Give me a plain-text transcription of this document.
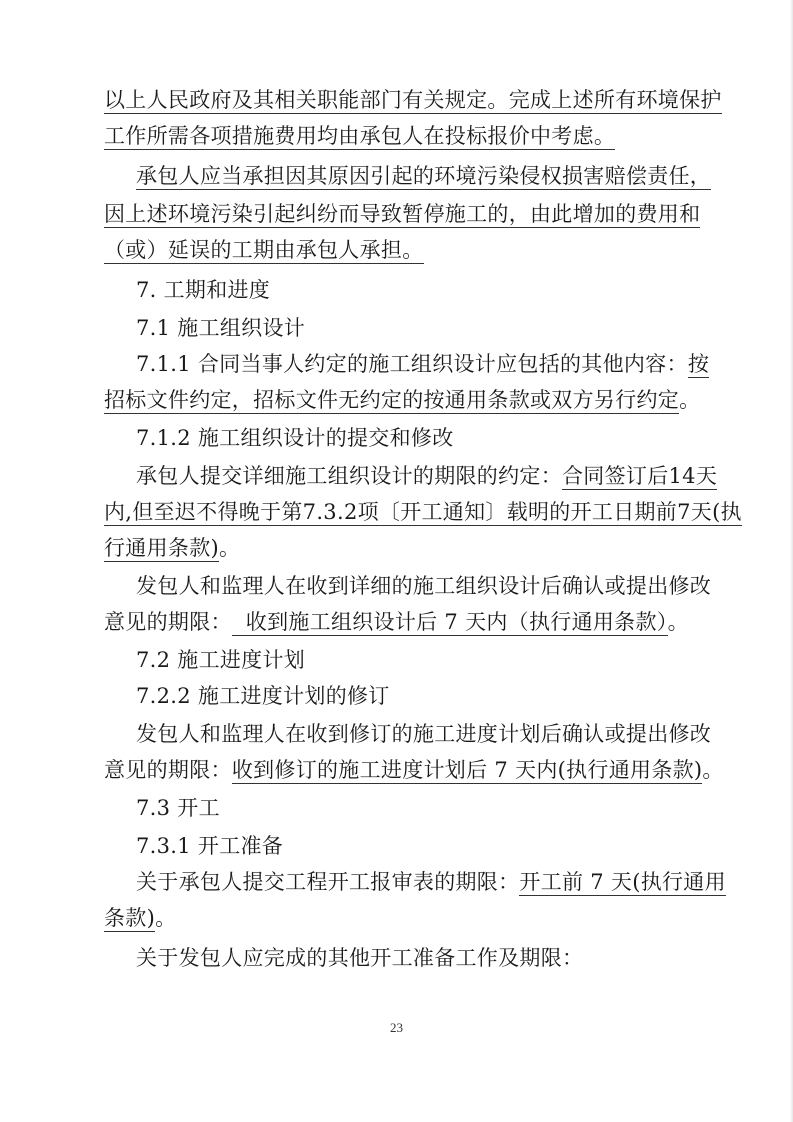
以上人民政府及其相关职能部门有关规定。完成上述所有环境保护
工作所需各项措施费用均由承包人在投标报价中考虑。
承包人应当承担因其原因引起的环境污染侵权损害赔偿责任，
因上述环境污染引起纠纷而导致暂停施工的，由此增加的费用和
（或）延误的工期由承包人承担。
7. 工期和进度
7.1 施工组织设计
7.1.1 合同当事人约定的施工组织设计应包括的其他内容：按
招标文件约定，招标文件无约定的按通用条款或双方另行约定。
7.1.2 施工组织设计的提交和修改
承包人提交详细施工组织设计的期限的约定：合同签订后14天
内,但至迟不得晚于第7.3.2项〔开工通知〕载明的开工日期前7天(执
行通用条款)。
发包人和监理人在收到详细的施工组织设计后确认或提出修改
意见的期限：  收到施工组织设计后 7 天内（执行通用条款）。
7.2 施工进度计划
7.2.2 施工进度计划的修订
发包人和监理人在收到修订的施工进度计划后确认或提出修改
意见的期限：收到修订的施工进度计划后 7 天内(执行通用条款)。
7.3 开工
7.3.1 开工准备
关于承包人提交工程开工报审表的期限：开工前 7 天(执行通用
条款)。
关于发包人应完成的其他开工准备工作及期限：
23
